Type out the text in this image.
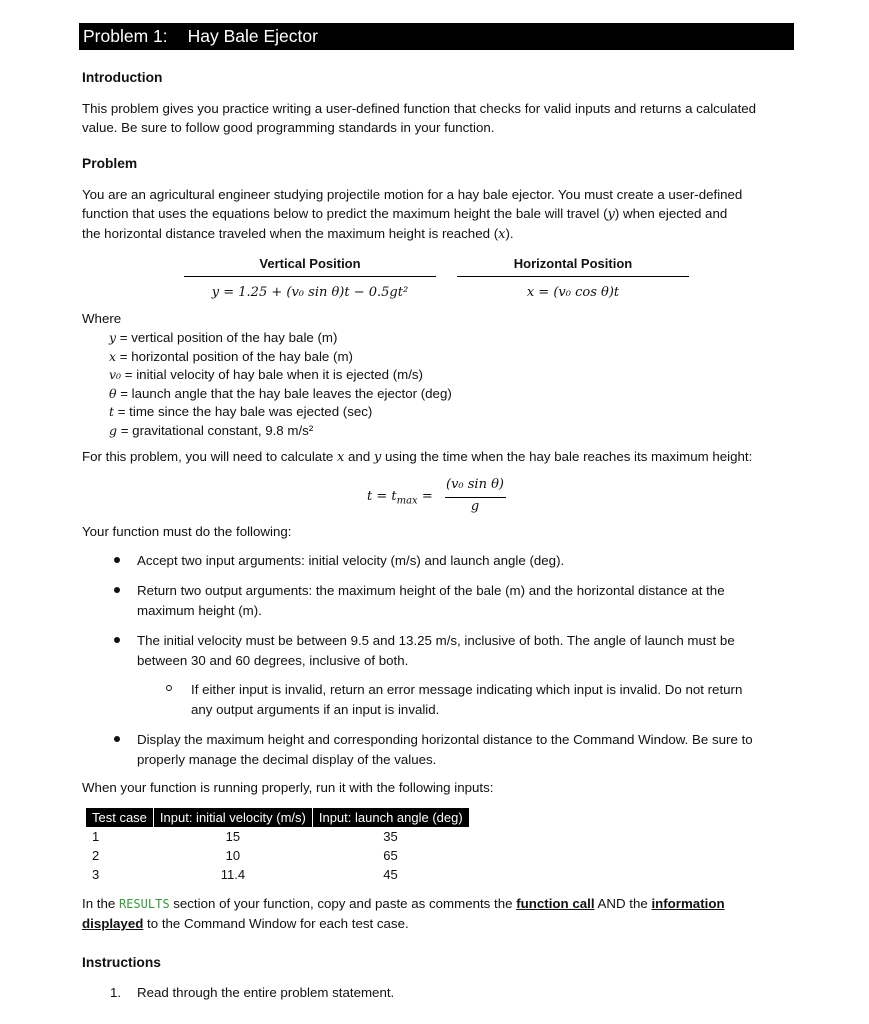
Problem 1: Hay Bale Ejector
Introduction
This problem gives you practice writing a user-defined function that checks for valid inputs and returns a calculated
value. Be sure to follow good programming standards in your function.
Problem
You are an agricultural engineer studying projectile motion for a hay bale ejector. You must create a user-defined
function that uses the equations below to predict the maximum height the bale will travel (y) when ejected and
the horizontal distance traveled when the maximum height is reached (x).
Vertical Position	Horizontal Position
y = 1.25 + (v₀ sin θ)t − 0.5gt²	x = (v₀ cos θ)t
Where
y = vertical position of the hay bale (m)
x = horizontal position of the hay bale (m)
v₀ = initial velocity of hay bale when it is ejected (m/s)
θ = launch angle that the hay bale leaves the ejector (deg)
t = time since the hay bale was ejected (sec)
g = gravitational constant, 9.8 m/s²
For this problem, you will need to calculate x and y using the time when the hay bale reaches its maximum height:
$t = t_{max}$ =
(v₀ sin θ)
g
Your function must do the following:
Accept two input arguments: initial velocity (m/s) and launch angle (deg).
Return two output arguments: the maximum height of the bale (m) and the horizontal distance at the
maximum height (m).
The initial velocity must be between 9.5 and 13.25 m/s, inclusive of both. The angle of launch must be
between 30 and 60 degrees, inclusive of both.
If either input is invalid, return an error message indicating which input is invalid. Do not return
any output arguments if an input is invalid.
Display the maximum height and corresponding horizontal distance to the Command Window. Be sure to
properly manage the decimal display of the values.
When your function is running properly, run it with the following inputs:
Test case	Input: initial velocity (m/s)	Input: launch angle (deg)
1	15	35
2	10	65
3	11.4	45
In the RESULTS section of your function, copy and paste as comments the function call AND the information
displayed to the Command Window for each test case.
Instructions
1. Read through the entire problem statement.
